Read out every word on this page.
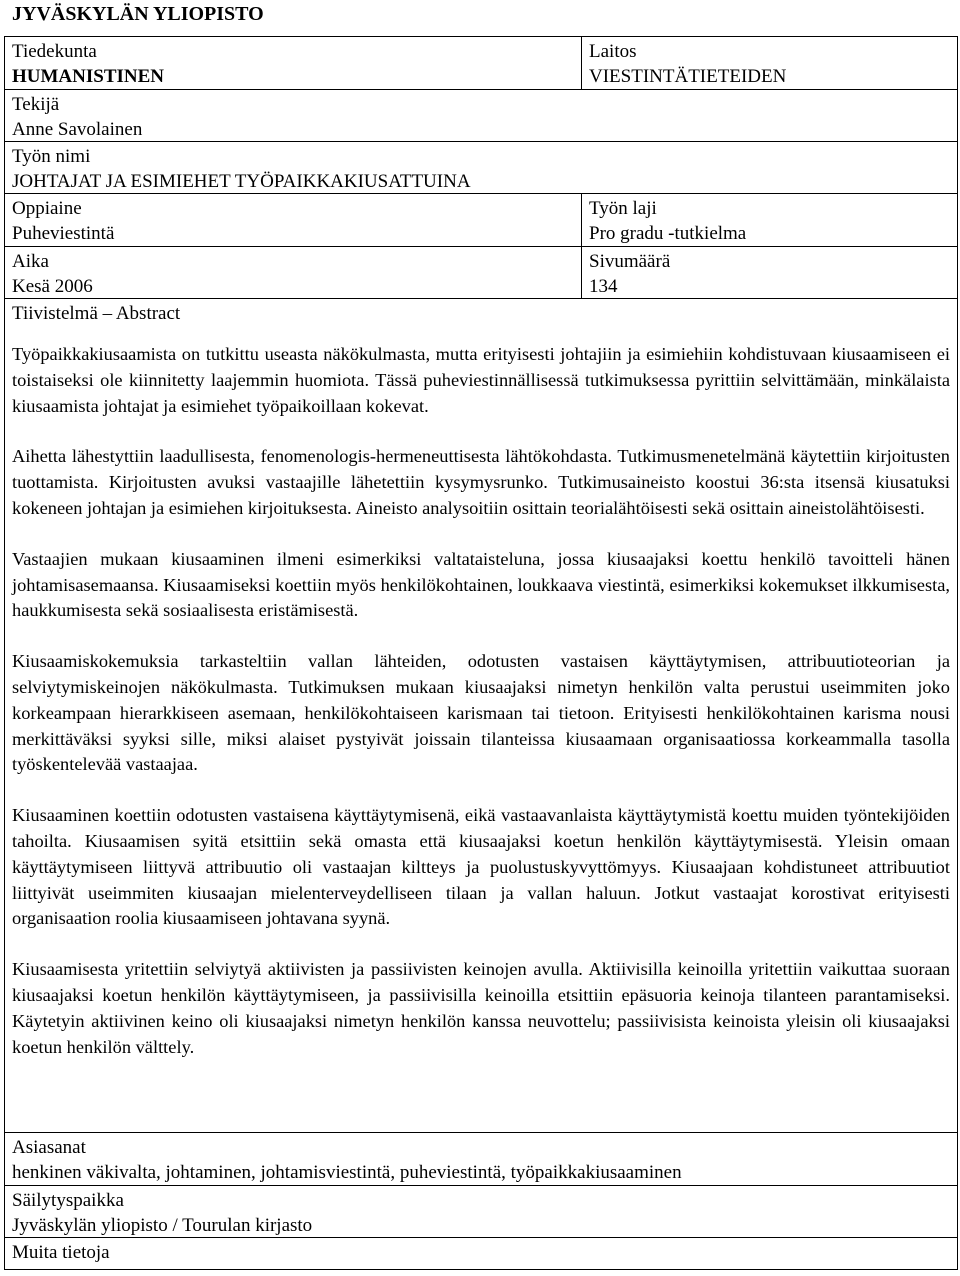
JYVÄSKYLÄN YLIOPISTO
Tiedekunta
HUMANISTINEN
Laitos
VIESTINTÄTIETEIDEN
Tekijä
Anne Savolainen
Työn nimi
JOHTAJAT JA ESIMIEHET TYÖPAIKKAKIUSATTUINA
Oppiaine
Puheviestintä
Työn laji
Pro gradu -tutkielma
Aika
Kesä 2006
Sivumäärä
134
Tiivistelmä – Abstract

Työpaikkakiusaamista on tutkittu useasta näkökulmasta, mutta erityisesti johtajiin ja esimiehiin kohdistuvaan kiusaamiseen ei toistaiseksi ole kiinnitetty laajemmin huomiota. Tässä puheviestinnällisessä tutkimuksessa pyrittiin selvittämään, minkälaista kiusaamista johtajat ja esimiehet työpaikoillaan kokevat.

Aihetta lähestyttiin laadullisesta, fenomenologis-hermeneuttisesta lähtökohdasta. Tutkimusmenetelmänä käytettiin kirjoitusten tuottamista. Kirjoitusten avuksi vastaajille lähetettiin kysymysrunko. Tutkimusaineisto koostui 36:sta itsensä kiusatuksi kokeneen johtajan ja esimiehen kirjoituksesta. Aineisto analysoitiin osittain teorialähtöisesti sekä osittain aineistolähtöisesti.

Vastaajien mukaan kiusaaminen ilmeni esimerkiksi valtataisteluna, jossa kiusaajaksi koettu henkilö tavoitteli hänen johtamisasemaansa. Kiusaamiseksi koettiin myös henkilökohtainen, loukkaava viestintä, esimerkiksi kokemukset ilkkumisesta, haukkumisesta sekä sosiaalisesta eristämisestä.

Kiusaamiskokemuksia tarkasteltiin vallan lähteiden, odotusten vastaisen käyttäytymisen, attribuutioteorian ja selviytymiskeinojen näkökulmasta. Tutkimuksen mukaan kiusaajaksi nimetyn henkilön valta perustui useimmiten joko korkeampaan hierarkkiseen asemaan, henkilökohtaiseen karismaan tai tietoon. Erityisesti henkilökohtainen karisma nousi merkittäväksi syyksi sille, miksi alaiset pystyivät joissain tilanteissa kiusaamaan organisaatiossa korkeammalla tasolla työskentelevää vastaajaa.

Kiusaaminen koettiin odotusten vastaisena käyttäytymisenä, eikä vastaavanlaista käyttäytymistä koettu muiden työntekijöiden tahoilta. Kiusaamisen syitä etsittiin sekä omasta että kiusaajaksi koetun henkilön käyttäytymisestä. Yleisin omaan käyttäytymiseen liittyvä attribuutio oli vastaajan kiltteys ja puolustuskyvyttömyys. Kiusaajaan kohdistuneet attribuutiot liittyivät useimmiten kiusaajan mielenterveydelliseen tilaan ja vallan haluun. Jotkut vastaajat korostivat erityisesti organisaation roolia kiusaamiseen johtavana syynä.

Kiusaamisesta yritettiin selviytyä aktiivisten ja passiivisten keinojen avulla. Aktiivisilla keinoilla yritettiin vaikuttaa suoraan kiusaajaksi koetun henkilön käyttäytymiseen, ja passiivisilla keinoilla etsittiin epäsuoria keinoja tilanteen parantamiseksi. Käytetyin aktiivinen keino oli kiusaajaksi nimetyn henkilön kanssa neuvottelu; passiivisista keinoista yleisin oli kiusaajaksi koetun henkilön välttely.

Asiasanat
henkinen väkivalta, johtaminen, johtamisviestintä, puheviestintä, työpaikkakiusaaminen
Säilytyspaikka
Jyväskylän yliopisto / Tourulan kirjasto
Muita tietoja
